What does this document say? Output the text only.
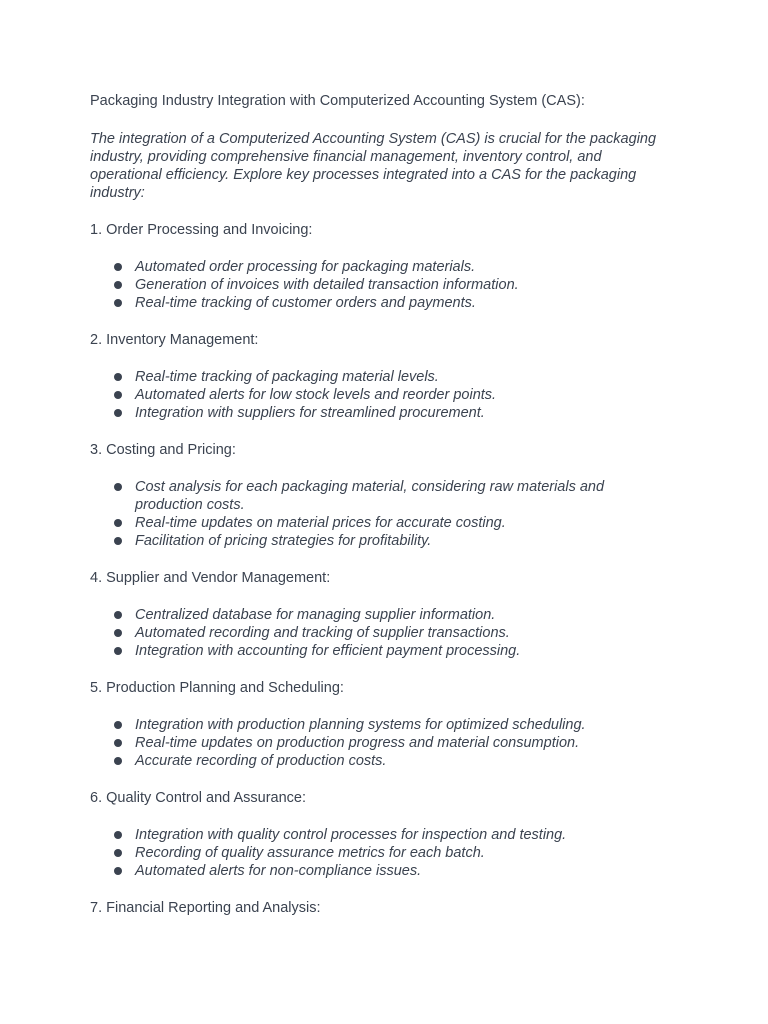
Packaging Industry Integration with Computerized Accounting System (CAS):

The integration of a Computerized Accounting System (CAS) is crucial for the packaging industry, providing comprehensive financial management, inventory control, and operational efficiency. Explore key processes integrated into a CAS for the packaging industry:

1. Order Processing and Invoicing:

Automated order processing for packaging materials.
Generation of invoices with detailed transaction information.
Real-time tracking of customer orders and payments.

2. Inventory Management:

Real-time tracking of packaging material levels.
Automated alerts for low stock levels and reorder points.
Integration with suppliers for streamlined procurement.

3. Costing and Pricing:

Cost analysis for each packaging material, considering raw materials and production costs.
Real-time updates on material prices for accurate costing.
Facilitation of pricing strategies for profitability.

4. Supplier and Vendor Management:

Centralized database for managing supplier information.
Automated recording and tracking of supplier transactions.
Integration with accounting for efficient payment processing.

5. Production Planning and Scheduling:

Integration with production planning systems for optimized scheduling.
Real-time updates on production progress and material consumption.
Accurate recording of production costs.

6. Quality Control and Assurance:

Integration with quality control processes for inspection and testing.
Recording of quality assurance metrics for each batch.
Automated alerts for non-compliance issues.

7. Financial Reporting and Analysis:
